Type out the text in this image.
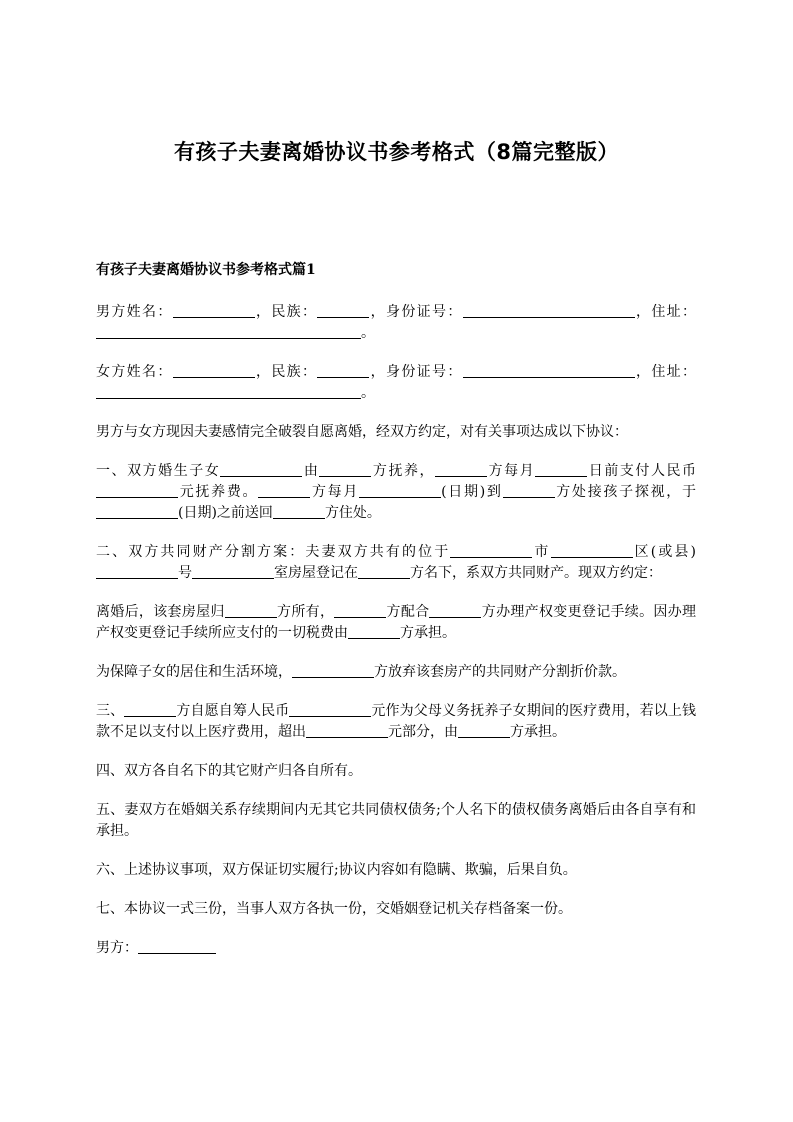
有孩子夫妻离婚协议书参考格式（8篇完整版）
有孩子夫妻离婚协议书参考格式篇1
男方姓名：	，民族：	，身份证号：	，住址：。
女方姓名：	，民族：	，身份证号：	，住址：。
男方与女方现因夫妻感情完全破裂自愿离婚，经双方约定，对有关事项达成以下协议：
一、双方婚生子女	由	方抚养，	方每月	日前支付人民币元抚养费。	方每月	(日期)到	方处接孩子探视，于(日期)之前送回	方住处。
二、双方共同财产分割方案：夫妻双方共有的位于	市	区(或县)号	室房屋登记在	方名下，系双方共同财产。现双方约定：
离婚后，该套房屋归	方所有，	方配合	方办理产权变更登记手续。因办理产权变更登记手续所应支付的一切税费由	方承担。
为保障子女的居住和生活环境，	方放弃该套房产的共同财产分割折价款。
三、	方自愿自筹人民币	元作为父母义务抚养子女期间的医疗费用，若以上钱款不足以支付以上医疗费用，超出	元部分，由	方承担。
四、双方各自名下的其它财产归各自所有。
五、妻双方在婚姻关系存续期间内无其它共同债权债务;个人名下的债权债务离婚后由各自享有和承担。
六、上述协议事项，双方保证切实履行;协议内容如有隐瞒、欺骗，后果自负。
七、本协议一式三份，当事人双方各执一份，交婚姻登记机关存档备案一份。
男方：
